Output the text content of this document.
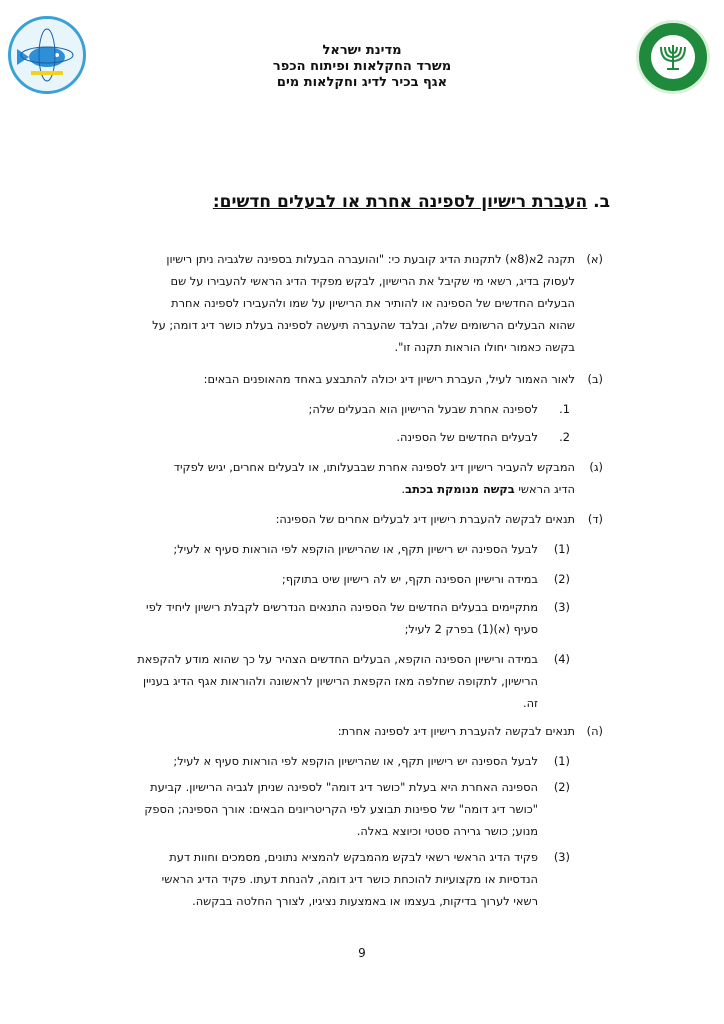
מדינת ישראל
משרד החקלאות ופיתוח הכפר
אגף בכיר לדיג וחקלאות מים
ב. העברת רישיון לספינה אחרת או לבעלים חדשים:
(א)
תקנה 2א(8א) לתקנות הדיג קובעת כי: "והועברה הבעלות בספינה שלגביה ניתן רישיון
לעסוק בדיג, רשאי מי שקיבל את הרישיון, לבקש מפקיד הדיג הראשי להעבירו על שם
הבעלים החדשים של הספינה או להותיר את הרישיון על שמו ולהעבירו לספינה אחרת
שהוא הבעלים הרשומים שלה, ובלבד שהעברה תיעשה לספינה בעלת כושר דיג דומה; על
בקשה כאמור יחולו הוראות תקנה זו".
(ב)
לאור האמור לעיל, העברת רישיון דיג יכולה להתבצע באחד מהאופנים הבאים:
1.
לספינה אחרת שבעל הרישיון הוא הבעלים שלה;
2.
לבעלים החדשים של הספינה.
(ג)
המבקש להעביר רישיון דיג לספינה אחרת שבבעלותו, או לבעלים אחרים, יגיש לפקיד
הדיג הראשי בקשה מנומקת בכתב.
(ד)
תנאים לבקשה להעברת רישיון דיג לבעלים אחרים של הספינה:
(1)
לבעל הספינה יש רישיון תקף, או שהרישיון הוקפא לפי הוראות סעיף א לעיל;
(2)
במידה ורישיון הספינה תקף, יש לה רישיון שיט בתוקף;
(3)
מתקיימים בבעלים החדשים של הספינה התנאים הנדרשים לקבלת רישיון ליחיד לפי
סעיף (א)(1) בפרק 2 לעיל;
(4)
במידה ורישיון הספינה הוקפא, הבעלים החדשים הצהיר על כך שהוא מודע להקפאת
הרישיון, לתקופה שחלפה מאז הקפאת הרישיון לראשונה ולהוראות אגף הדיג בעניין
זה.
(ה)
תנאים לבקשה להעברת רישיון דיג לספינה אחרת:
(1)
לבעל הספינה יש רישיון תקף, או שהרישיון הוקפא לפי הוראות סעיף א לעיל;
(2)
הספינה האחרת היא בעלת "כושר דיג דומה" לספינה שניתן לגביה הרישיון. קביעת
"כושר דיג דומה" של ספינות תבוצע לפי הקריטריונים הבאים: אורך הספינה; הספק
מנוע; כושר גרירה סטטי וכיוצא באלה.
(3)
פקיד הדיג הראשי רשאי לבקש מהמבקש להמציא נתונים, מסמכים וחוות דעת
הנדסיות או מקצועיות להוכחת כושר דיג דומה, להנחת דעתו. פקיד הדיג הראשי
רשאי לערוך בדיקות, בעצמו או באמצעות נציגיו, לצורך החלטה בבקשה.
9
